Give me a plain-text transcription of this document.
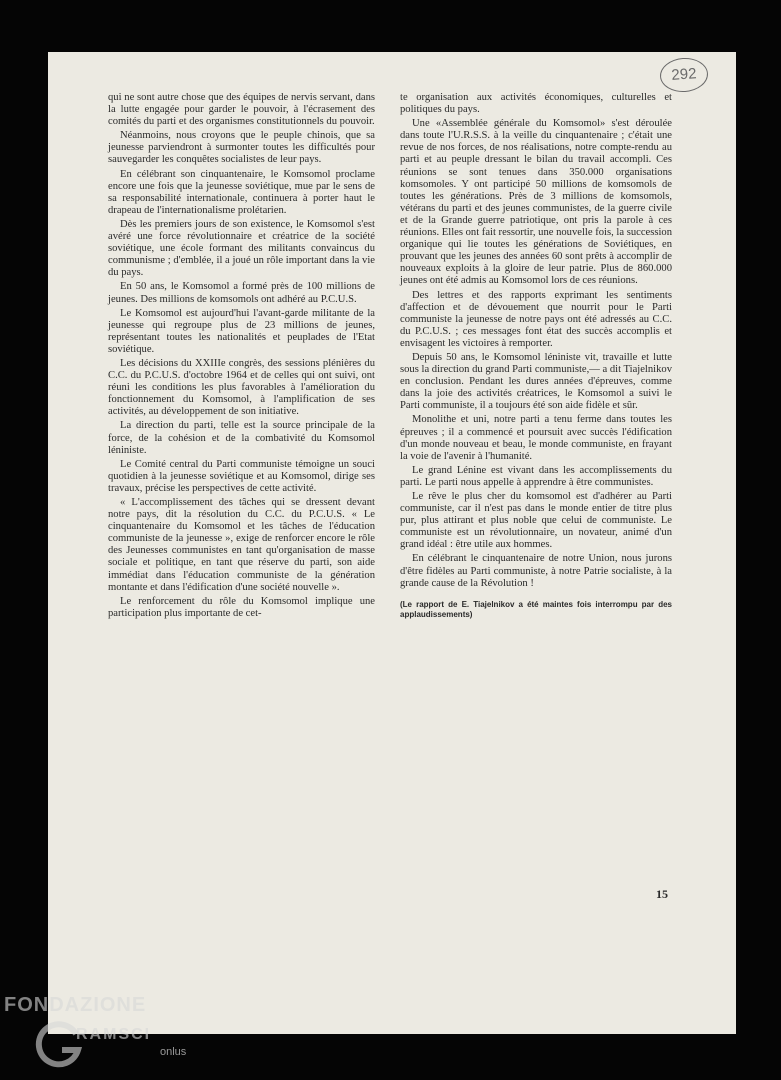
292

qui ne sont autre chose que des équipes de nervis servant, dans la lutte engagée pour garder le pouvoir, à l'écrasement des comités du parti et des organismes constitutionnels du pouvoir.

Néanmoins, nous croyons que le peuple chinois, que sa jeunesse parviendront à surmonter toutes les difficultés pour sauvegarder les conquêtes socialistes de leur pays.

En célébrant son cinquantenaire, le Komsomol proclame encore une fois que la jeunesse soviétique, mue par le sens de sa responsabilité internationale, continuera à porter haut le drapeau de l'internationalisme prolétarien.

Dès les premiers jours de son existence, le Komsomol s'est avéré une force révolutionnaire et créatrice de la société soviétique, une école formant des militants convaincus du communisme ; d'emblée, il a joué un rôle important dans la vie du pays.

En 50 ans, le Komsomol a formé près de 100 millions de jeunes. Des millions de komsomols ont adhéré au P.C.U.S.

Le Komsomol est aujourd'hui l'avant-garde militante de la jeunesse qui regroupe plus de 23 millions de jeunes, représentant toutes les nationalités et peuplades de l'Etat soviétique.

Les décisions du XXIIIe congrès, des sessions plénières du C.C. du P.C.U.S. d'octobre 1964 et de celles qui ont suivi, ont réuni les conditions les plus favorables à l'amélioration du fonctionnement du Komsomol, à l'amplification de ses activités, au développement de son initiative.

La direction du parti, telle est la source principale de la force, de la cohésion et de la combativité du Komsomol léniniste.

Le Comité central du Parti communiste témoigne un souci quotidien à la jeunesse soviétique et au Komsomol, dirige ses travaux, précise les perspectives de cette activité.

« L'accomplissement des tâches qui se dressent devant notre pays, dit la résolution du C.C. du P.C.U.S. « Le cinquantenaire du Komsomol et les tâches de l'éducation communiste de la jeunesse », exige de renforcer encore le rôle des Jeunesses communistes en tant qu'organisation de masse sociale et politique, en tant que réserve du parti, son aide immédiat dans l'éducation communiste de la génération montante et dans l'édification d'une société nouvelle ».

Le renforcement du rôle du Komsomol implique une participation plus importante de cet-

te organisation aux activités économiques, culturelles et politiques du pays.

Une «Assemblée générale du Komsomol» s'est déroulée dans toute l'U.R.S.S. à la veille du cinquantenaire ; c'était une revue de nos forces, de nos réalisations, notre compte-rendu au parti et au peuple dressant le bilan du travail accompli. Ces réunions se sont tenues dans 350.000 organisations komsomoles. Y ont participé 50 millions de komsomols de toutes les générations. Près de 3 millions de komsomols, vétérans du parti et des jeunes communistes, de la guerre civile et de la Grande guerre patriotique, ont pris la parole à ces réunions. Elles ont fait ressortir, une nouvelle fois, la succession organique qui lie toutes les générations de Soviétiques, en prouvant que les jeunes des années 60 sont prêts à accomplir de nouveaux exploits à la gloire de leur patrie. Plus de 860.000 jeunes ont été admis au Komsomol lors de ces réunions.

Des lettres et des rapports exprimant les sentiments d'affection et de dévouement que nourrit pour le Parti communiste la jeunesse de notre pays ont été adressés au C.C. du P.C.U.S. ; ces messages font état des succès accomplis et envisagent les victoires à remporter.

Depuis 50 ans, le Komsomol léniniste vit, travaille et lutte sous la direction du grand Parti communiste,— a dit Tiajelnikov en conclusion. Pendant les dures années d'épreuves, comme dans la joie des activités créatrices, le Komsomol a suivi le Parti communiste, il a toujours été son aide fidèle et sûr.

Monolithe et uni, notre parti a tenu ferme dans toutes les épreuves ; il a commencé et poursuit avec succès l'édification d'un monde nouveau et beau, le monde communiste, en frayant la voie de l'avenir à l'humanité.

Le grand Lénine est vivant dans les accomplissements du parti. Le parti nous appelle à apprendre à être communistes.

Le rêve le plus cher du komsomol est d'adhérer au Parti communiste, car il n'est pas dans le monde entier de titre plus pur, plus attirant et plus noble que celui de communiste. Le communiste est un révolutionnaire, un novateur, animé d'un grand idéal : être utile aux hommes.

En célébrant le cinquantenaire de notre Union, nous jurons d'être fidèles au Parti communiste, à notre Patrie socialiste, à la grande cause de la Révolution !

(Le rapport de E. Tiajelnikov a été maintes fois interrompu par des applaudissements)

15
FONDAZIONE
RAMSCI
onlus
